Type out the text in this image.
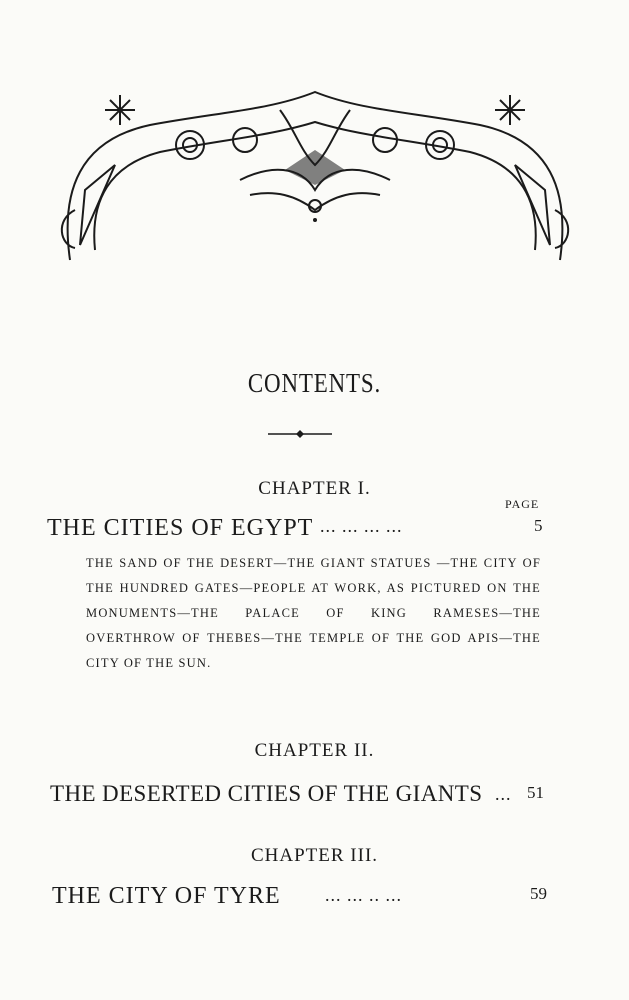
CONTENTS.
CHAPTER I.
PAGE
THE CITIES OF EGYPT ... ... ... ...	5
THE SAND OF THE DESERT—THE GIANT STATUES —THE CITY OF THE HUNDRED GATES—PEOPLE AT WORK, AS PICTURED ON THE MONUMENTS—THE PALACE OF KING RAMESES—THE OVERTHROW OF THEBES—THE TEMPLE OF THE GOD APIS—THE CITY OF THE SUN.
CHAPTER II.
THE DESERTED CITIES OF THE GIANTS ... 51
CHAPTER III.
THE CITY OF TYRE ... ... .. ...	59
